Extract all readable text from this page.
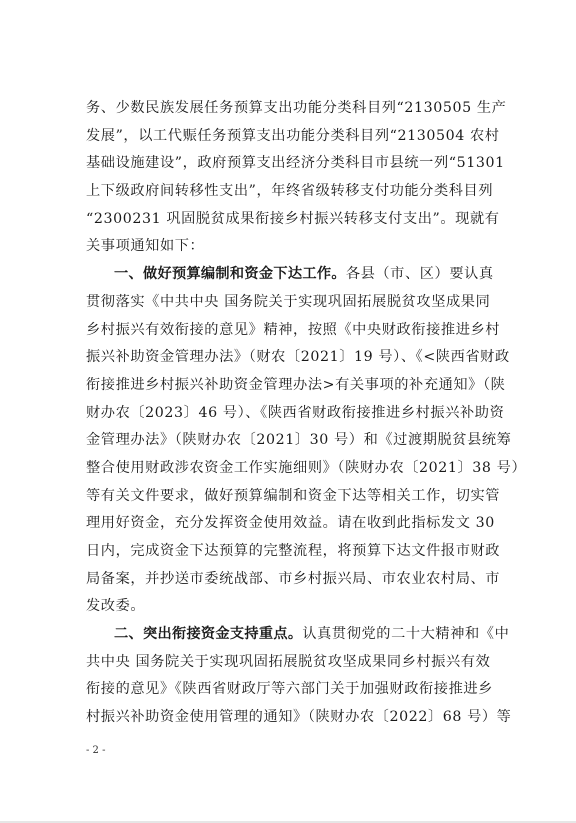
务、少数民族发展任务预算支出功能分类科目列“2130505 生产
发展”，以工代赈任务预算支出功能分类科目列“2130504 农村
基础设施建设”，政府预算支出经济分类科目市县统一列“51301
上下级政府间转移性支出”，年终省级转移支付功能分类科目列
“2300231 巩固脱贫成果衔接乡村振兴转移支付支出”。现就有
关事项通知如下：
一、做好预算编制和资金下达工作。各县（市、区）要认真
贯彻落实《中共中央 国务院关于实现巩固拓展脱贫攻坚成果同
乡村振兴有效衔接的意见》精神，按照《中央财政衔接推进乡村
振兴补助资金管理办法》（财农〔2021〕19 号）、《<陕西省财政
衔接推进乡村振兴补助资金管理办法>有关事项的补充通知》（陕
财办农〔2023〕46 号）、《陕西省财政衔接推进乡村振兴补助资
金管理办法》（陕财办农〔2021〕30 号）和《过渡期脱贫县统筹
整合使用财政涉农资金工作实施细则》（陕财办农〔2021〕38 号）
等有关文件要求，做好预算编制和资金下达等相关工作，切实管
理用好资金，充分发挥资金使用效益。请在收到此指标发文 30
日内，完成资金下达预算的完整流程，将预算下达文件报市财政
局备案，并抄送市委统战部、市乡村振兴局、市农业农村局、市
发改委。
二、突出衔接资金支持重点。认真贯彻党的二十大精神和《中
共中央 国务院关于实现巩固拓展脱贫攻坚成果同乡村振兴有效
衔接的意见》《陕西省财政厅等六部门关于加强财政衔接推进乡
村振兴补助资金使用管理的通知》（陕财办农〔2022〕68 号）等
- 2 -
